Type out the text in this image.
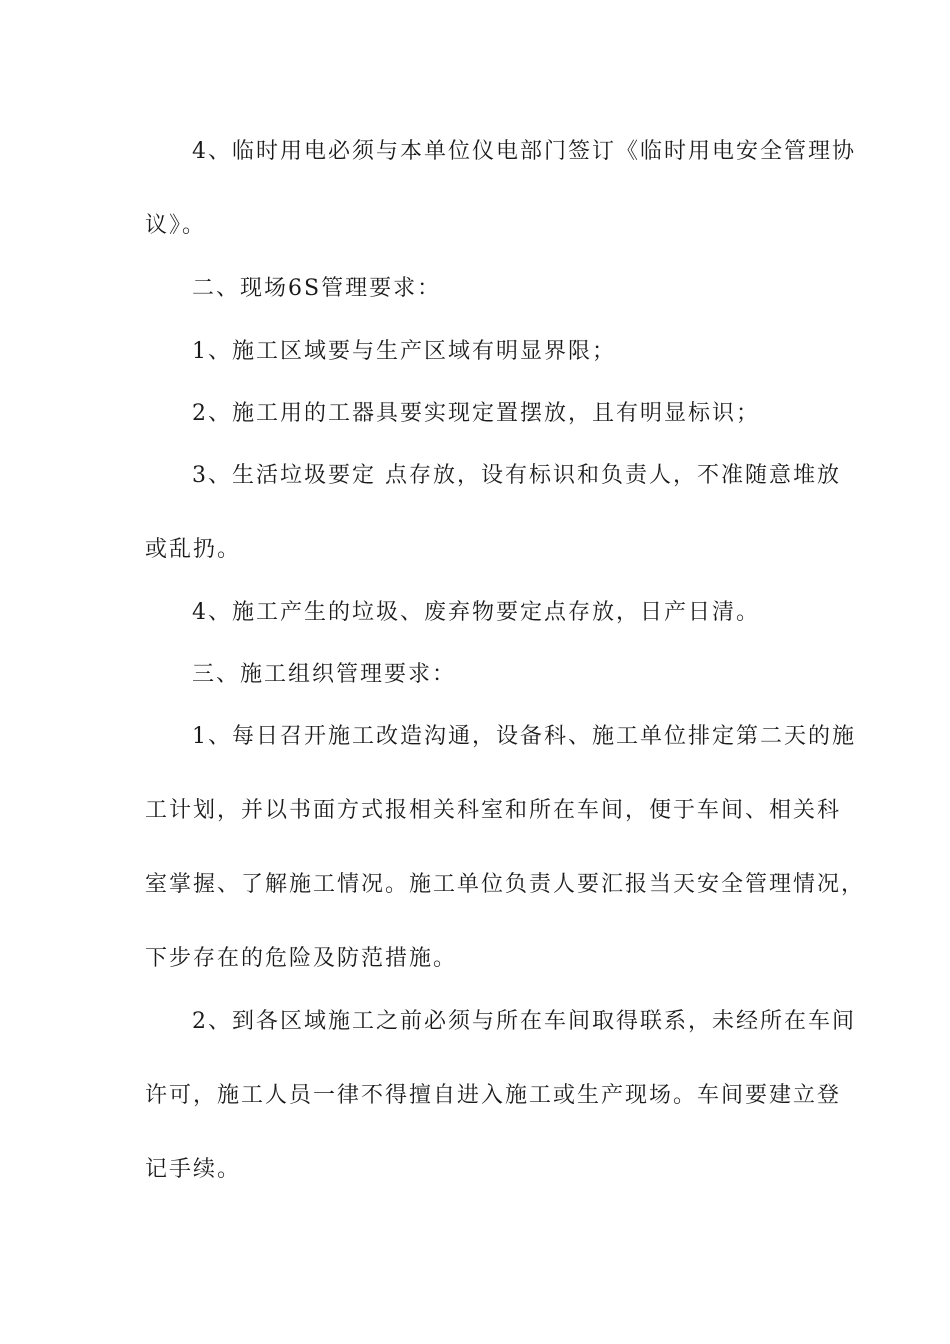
4、临时用电必须与本单位仪电部门签订《临时用电安全管理协
议》。
二、现场6S管理要求：
1、施工区域要与生产区域有明显界限；
2、施工用的工器具要实现定置摆放，且有明显标识；
3、生活垃圾要定 点存放，设有标识和负责人，不准随意堆放
或乱扔。
4、施工产生的垃圾、废弃物要定点存放，日产日清。
三、施工组织管理要求：
1、每日召开施工改造沟通，设备科、施工单位排定第二天的施
工计划，并以书面方式报相关科室和所在车间，便于车间、相关科
室掌握、了解施工情况。施工单位负责人要汇报当天安全管理情况，
下步存在的危险及防范措施。
2、到各区域施工之前必须与所在车间取得联系，未经所在车间
许可，施工人员一律不得擅自进入施工或生产现场。车间要建立登
记手续。
